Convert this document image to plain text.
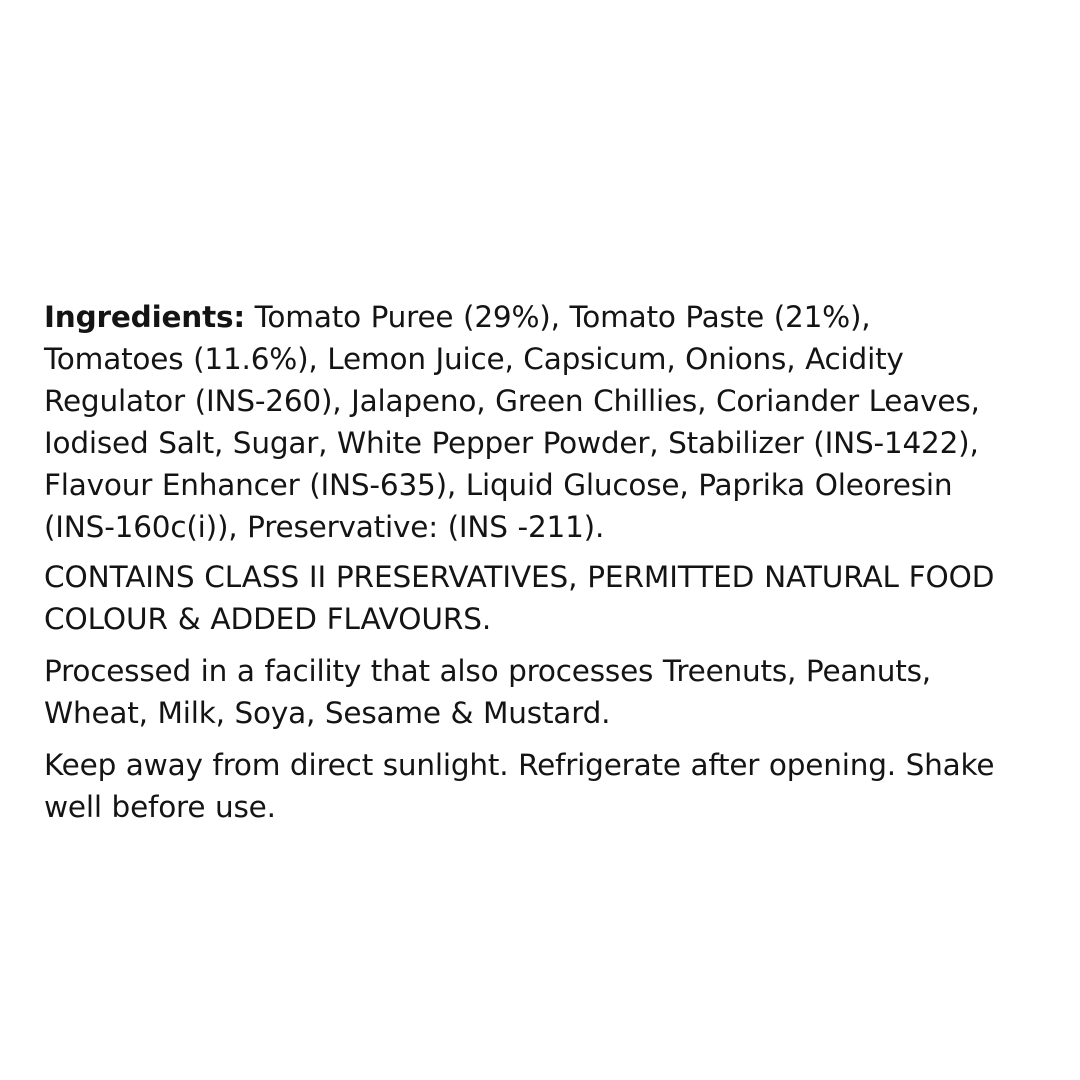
Ingredients: Tomato Puree (29%), Tomato Paste (21%), Tomatoes (11.6%), Lemon Juice, Capsicum, Onions, Acidity Regulator (INS-260), Jalapeno, Green Chillies, Coriander Leaves, Iodised Salt, Sugar, White Pepper Powder, Stabilizer (INS-1422), Flavour Enhancer (INS-635), Liquid Glucose, Paprika Oleoresin (INS-160c(i)), Preservative: (INS -211).

CONTAINS CLASS II PRESERVATIVES, PERMITTED NATURAL FOOD COLOUR & ADDED FLAVOURS.

Processed in a facility that also processes Treenuts, Peanuts, Wheat, Milk, Soya, Sesame & Mustard.

Keep away from direct sunlight. Refrigerate after opening. Shake well before use.
